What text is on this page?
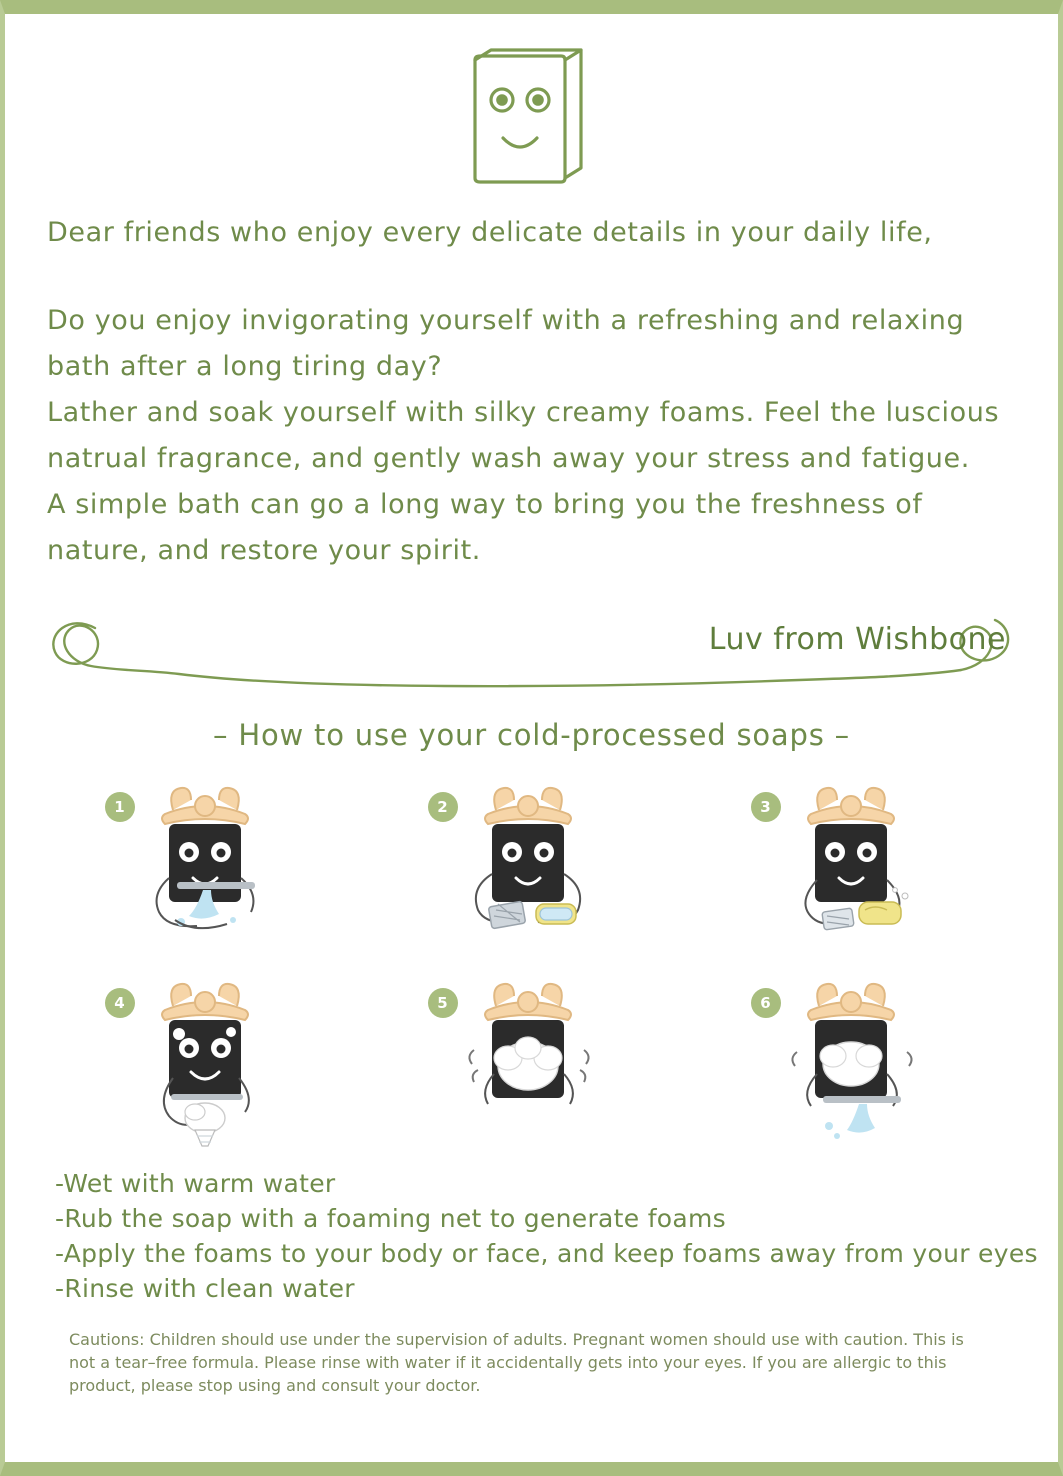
Dear friends who enjoy every delicate details in your daily life,

Do you enjoy invigorating yourself with a refreshing and relaxing bath after a long tiring day?

Lather and soak yourself with silky creamy foams. Feel the luscious natrual fragrance, and gently wash away your stress and fatigue.

A simple bath can go a long way to bring you the freshness of nature, and restore your spirit.

Luv from Wishbone
– How to use your cold-processed soaps –
1	2	3
4	5	6
-Wet with warm water
-Rub the soap with a foaming net to generate foams
-Apply the foams to your body or face, and keep foams away from your eyes
-Rinse with clean water
Cautions: Children should use under the supervision of adults. Pregnant women should use with caution. This is not a tear–free formula. Please rinse with water if it accidentally gets into your eyes. If you are allergic to this product, please stop using and consult your doctor.
